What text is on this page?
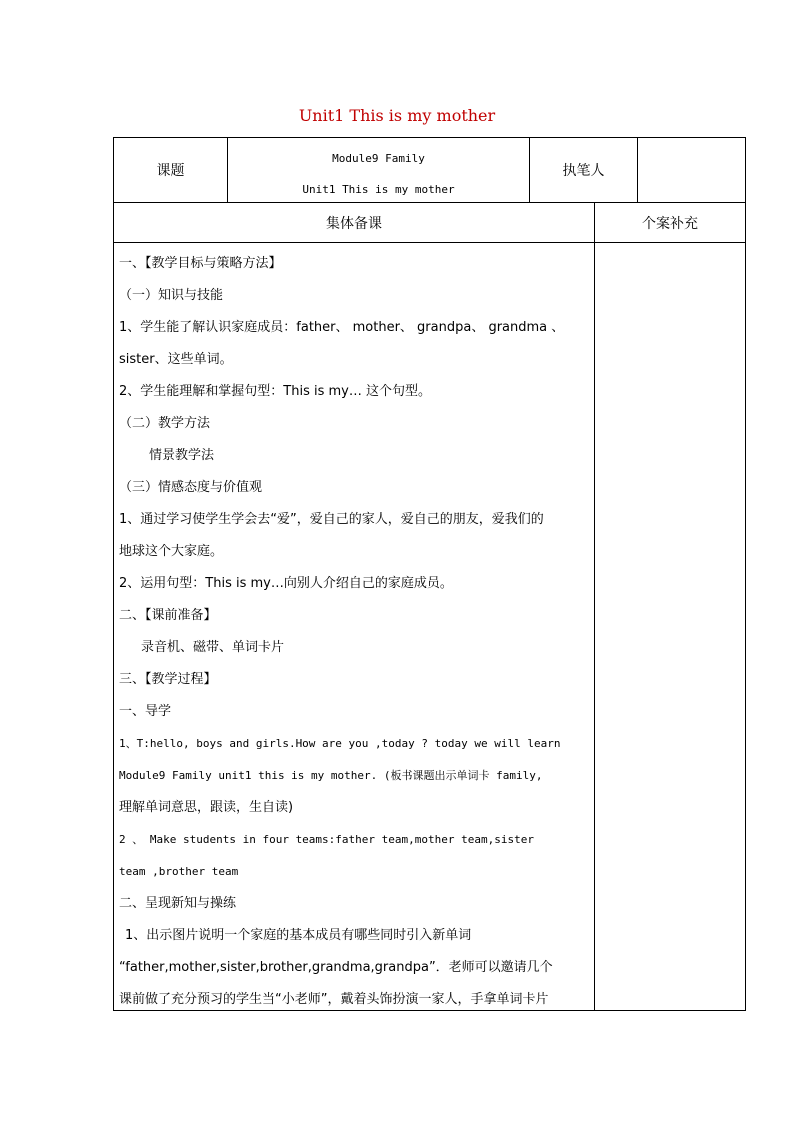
Unit1 This is my mother
课题
Module9 Family
Unit1 This is my mother
执笔人
集体备课	个案补充
一、【教学目标与策略方法】
（一）知识与技能
1、学生能了解认识家庭成员：father、 mother、 grandpa、 grandma 、
sister、这些单词。
2、学生能理解和掌握句型：This is my… 这个句型。
（二）教学方法
情景教学法
（三）情感态度与价值观
1、通过学习使学生学会去“爱”，爱自己的家人，爱自己的朋友，爱我们的
地球这个大家庭。
2、运用句型：This is my…向别人介绍自己的家庭成员。
二、【课前准备】
录音机、磁带、单词卡片
三、【教学过程】
一、导学
1、T:hello, boys and girls.How are you ,today ? today we will learn
Module9 Family unit1 this is my mother. (板书课题出示单词卡 family,
理解单词意思，跟读，生自读)
2 、 Make students in four teams:father team,mother team,sister
team ,brother team
二、呈现新知与操练
1、出示图片说明一个家庭的基本成员有哪些同时引入新单词
“father,mother,sister,brother,grandma,grandpa”．老师可以邀请几个
课前做了充分预习的学生当“小老师”，戴着头饰扮演一家人，手拿单词卡片
